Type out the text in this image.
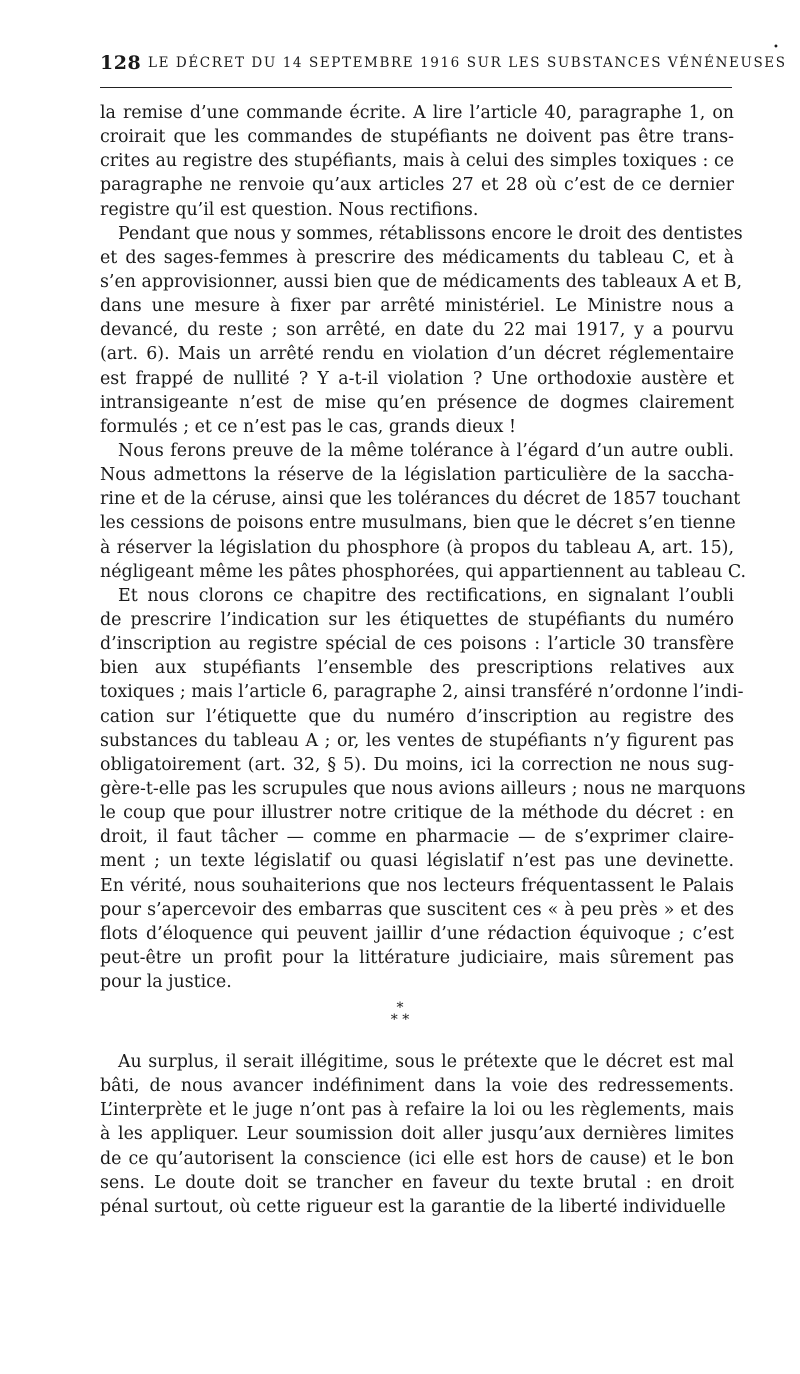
128 LE DÉCRET DU 14 SEPTEMBRE 1916 SUR LES SUBSTANCES VÉNÉNEUSES
•
la remise d’une commande écrite. A lire l’article 40, paragraphe 1, on
croirait que les commandes de stupéfiants ne doivent pas être trans-
crites au registre des stupéfiants, mais à celui des simples toxiques : ce
paragraphe ne renvoie qu’aux articles 27 et 28 où c’est de ce dernier
registre qu’il est question. Nous rectifions.
Pendant que nous y sommes, rétablissons encore le droit des dentistes
et des sages-femmes à prescrire des médicaments du tableau C, et à
s’en approvisionner, aussi bien que de médicaments des tableaux A et B,
dans une mesure à fixer par arrêté ministériel. Le Ministre nous a
devancé, du reste ; son arrêté, en date du 22 mai 1917, y a pourvu
(art. 6). Mais un arrêté rendu en violation d’un décret réglementaire
est frappé de nullité ? Y a-t-il violation ? Une orthodoxie austère et
intransigeante n’est de mise qu’en présence de dogmes clairement
formulés ; et ce n’est pas le cas, grands dieux !
Nous ferons preuve de la même tolérance à l’égard d’un autre oubli.
Nous admettons la réserve de la législation particulière de la saccha-
rine et de la céruse, ainsi que les tolérances du décret de 1857 touchant
les cessions de poisons entre musulmans, bien que le décret s’en tienne
à réserver la législation du phosphore (à propos du tableau A, art. 15),
négligeant même les pâtes phosphorées, qui appartiennent au tableau C.
Et nous clorons ce chapitre des rectifications, en signalant l’oubli
de prescrire l’indication sur les étiquettes de stupéfiants du numéro
d’inscription au registre spécial de ces poisons : l’article 30 transfère
bien aux stupéfiants l’ensemble des prescriptions relatives aux
toxiques ; mais l’article 6, paragraphe 2, ainsi transféré n’ordonne l’indi-
cation sur l’étiquette que du numéro d’inscription au registre des
substances du tableau A ; or, les ventes de stupéfiants n’y figurent pas
obligatoirement (art. 32, § 5). Du moins, ici la correction ne nous sug-
gère-t-elle pas les scrupules que nous avions ailleurs ; nous ne marquons
le coup que pour illustrer notre critique de la méthode du décret : en
droit, il faut tâcher — comme en pharmacie — de s’exprimer claire-
ment ; un texte législatif ou quasi législatif n’est pas une devinette.
En vérité, nous souhaiterions que nos lecteurs fréquentassent le Palais
pour s’apercevoir des embarras que suscitent ces « à peu près » et des
flots d’éloquence qui peuvent jaillir d’une rédaction équivoque ; c’est
peut-être un profit pour la littérature judiciaire, mais sûrement pas
pour la justice.
*
* *
Au surplus, il serait illégitime, sous le prétexte que le décret est mal
bâti, de nous avancer indéfiniment dans la voie des redressements.
L’interprète et le juge n’ont pas à refaire la loi ou les règlements, mais
à les appliquer. Leur soumission doit aller jusqu’aux dernières limites
de ce qu’autorisent la conscience (ici elle est hors de cause) et le bon
sens. Le doute doit se trancher en faveur du texte brutal : en droit
pénal surtout, où cette rigueur est la garantie de la liberté individuelle
